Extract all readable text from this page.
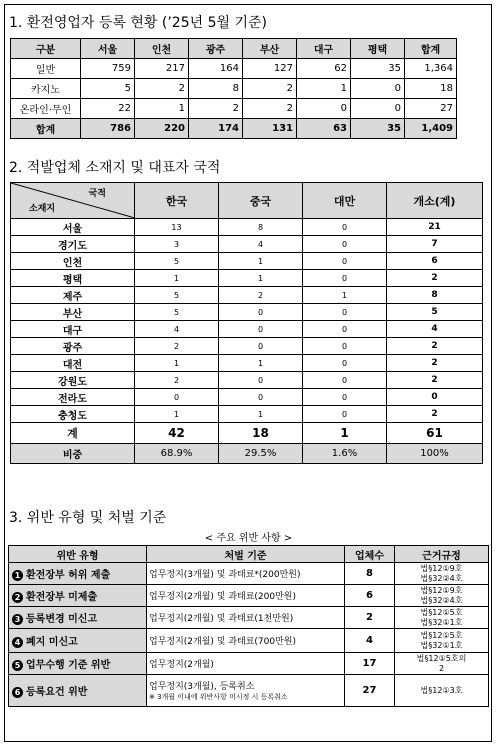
1. 환전영업자 등록 현황 (’25년 5월 기준)
구분	서울	인천	광주	부산	대구	평택	합계
일반	759	217	164	127	62	35	1,364
카지노	5	2	8	2	1	0	18
온라인·무인	22	1	2	2	0	0	27
합계	786	220	174	131	63	35	1,409
2. 적발업체 소재지 및 대표자 국적
국적
소재지	한국	중국	대만	개소(계)
서울	13	8	0	21
경기도	3	4	0	7
인천	5	1	0	6
평택	1	1	0	2
제주	5	2	1	8
부산	5	0	0	5
대구	4	0	0	4
광주	2	0	0	2
대전	1	1	0	2
강원도	2	0	0	2
전라도	0	0	0	0
충청도	1	1	0	2
계	42	18	1	61
비중	68.9%	29.5%	1.6%	100%
3. 위반 유형 및 처벌 기준
< 주요 위반 사항 >
위반 유형	처벌 기준	업체수	근거규정
1 환전장부 허위 제출	업무정지(3개월) 및 과태료*(200만원)	8	법§12①9호
법§32②4호

2 환전장부 미제출	업무정지(2개월) 및 과태료(200만원)	6	법§12①9호
법§32②4호

3 등록변경 미신고	업무정지(2개월) 및 과태료(1천만원)	2	법§12①5호
법§32①1호

4 폐지 미신고	업무정지(2개월) 및 과태료(700만원)	4	법§12①5호
법§32①1호

5 업무수행 기준 위반	업무정지(2개월)	17	법§12①5호의
2

6 등록요건 위반	업무정지(3개월), 등록취소
※ 3개월 이내에 위반사항 미시정 시 등록취소	27	법§12①3호
